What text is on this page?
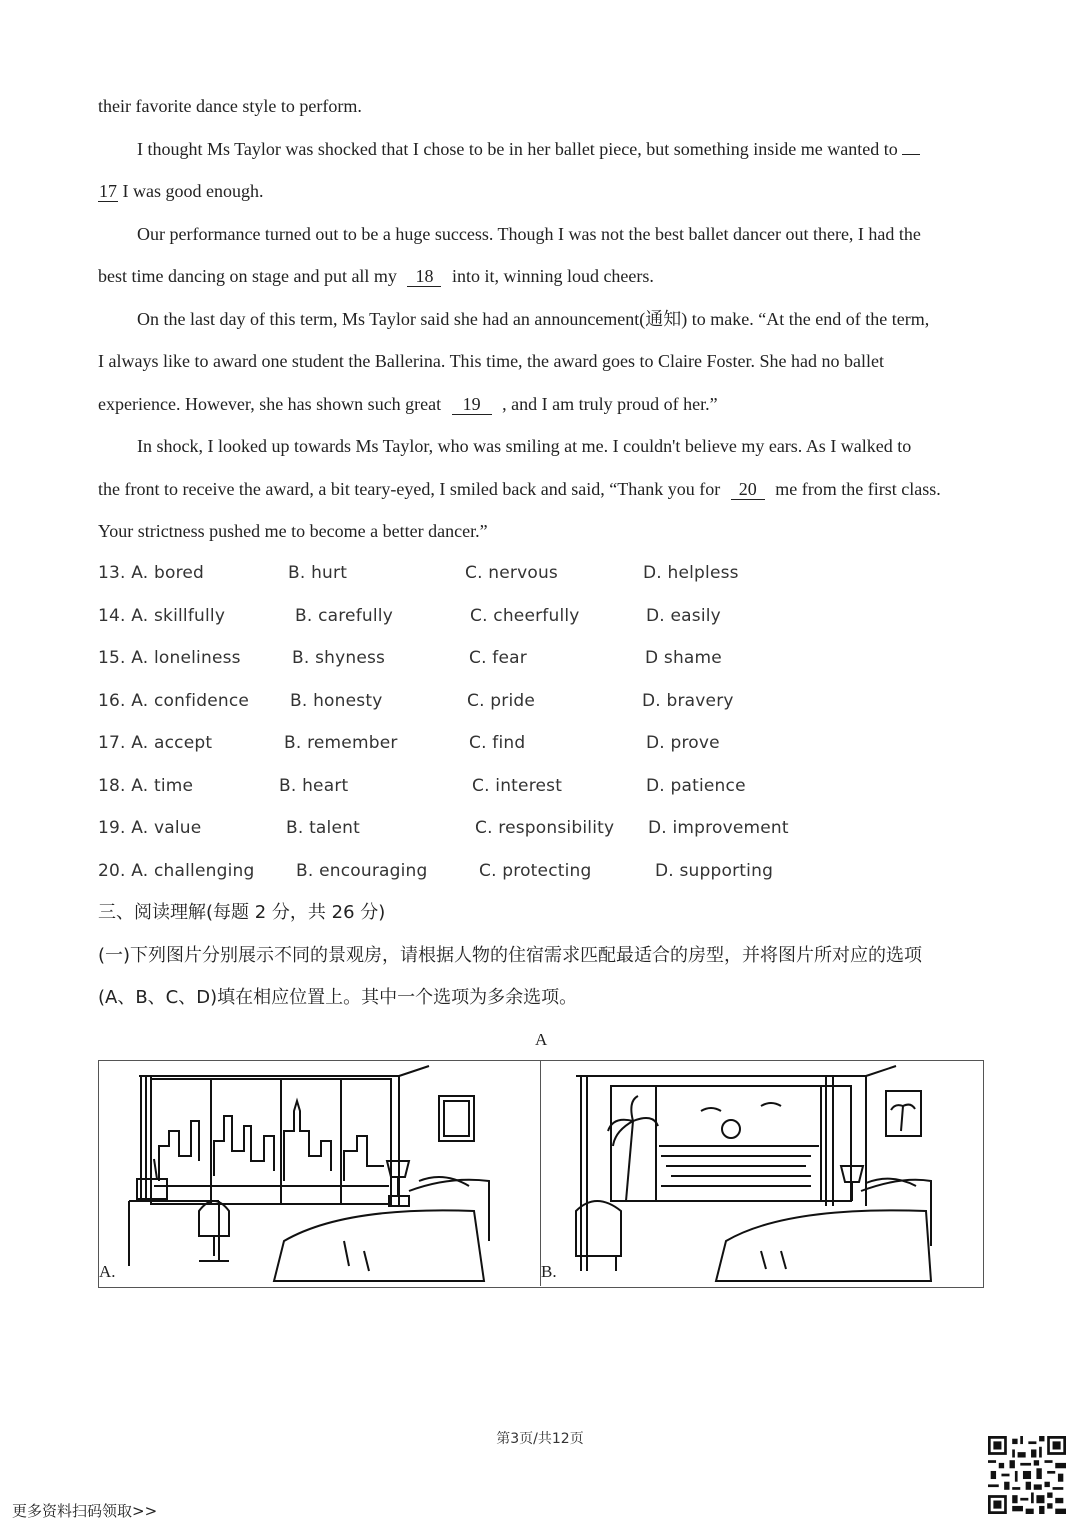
their favorite dance style to perform.
I thought Ms Taylor was shocked that I chose to be in her ballet piece, but something inside me wanted to
17 I was good enough.
Our performance turned out to be a huge success. Though I was not the best ballet dancer out there, I had the
best time dancing on stage and put all my 18 into it, winning loud cheers.
On the last day of this term, Ms Taylor said she had an announcement(通知) to make. “At the end of the term,
I always like to award one student the Ballerina. This time, the award goes to Claire Foster. She had no ballet
experience. However, she has shown such great 19 , and I am truly proud of her.”
In shock, I looked up towards Ms Taylor, who was smiling at me. I couldn't believe my ears. As I walked to
the front to receive the award, a bit teary-eyed, I smiled back and said, “Thank you for 20 me from the first class.
Your strictness pushed me to become a better dancer.”
13. A. bored	B. hurt	C. nervous	D. helpless
14. A. skillfully	B. carefully	C. cheerfully	D. easily
15. A. loneliness	B. shyness	C. fear	D shame
16. A. confidence B. honesty	C. pride	D. bravery
17. A. accept	B. remember	C. find	D. prove
18. A. time	B. heart	C. interest	D. patience
19. A. value	B. talent	C. responsibility D. improvement
20. A. challenging B. encouraging	C. protecting	D. supporting
三、阅读理解(每题 2 分，共 26 分)
(一)下列图片分别展示不同的景观房，请根据人物的住宿需求匹配最适合的房型，并将图片所对应的选项
(A、B、C、D)填在相应位置上。其中一个选项为多余选项。
A
A.	B.
第3页/共12页
更多资料扫码领取>>
